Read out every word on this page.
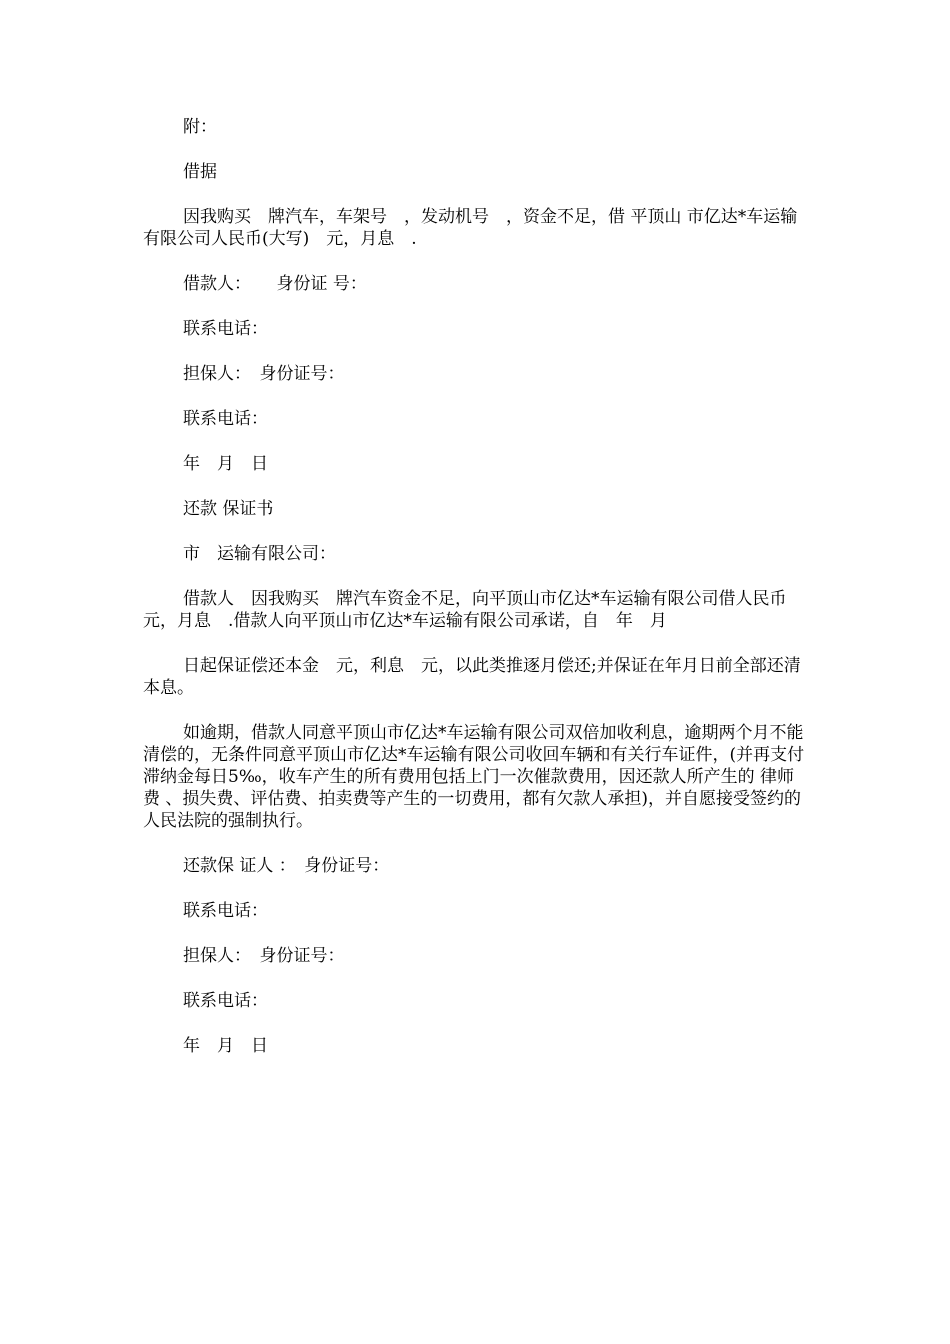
附：

借据

因我购买　牌汽车，车架号　，发动机号　，资金不足，借 平顶山 市亿达*车运输有限公司人民币(大写)　元，月息　.

借款人：　　身份证 号：

联系电话：

担保人：　身份证号：

联系电话：

年　月　日

还款 保证书

市　运输有限公司：

借款人　因我购买　牌汽车资金不足，向平顶山市亿达*车运输有限公司借人民币　元，月息　.借款人向平顶山市亿达*车运输有限公司承诺，自　年　月

日起保证偿还本金　元，利息　元，以此类推逐月偿还;并保证在年月日前全部还清本息。

如逾期，借款人同意平顶山市亿达*车运输有限公司双倍加收利息，逾期两个月不能清偿的，无条件同意平顶山市亿达*车运输有限公司收回车辆和有关行车证件，(并再支付滞纳金每日5‰，收车产生的所有费用包括上门一次催款费用，因还款人所产生的 律师费 、损失费、评估费、拍卖费等产生的一切费用，都有欠款人承担)，并自愿接受签约的　人民法院的强制执行。

还款保 证人 ：　身份证号：

联系电话：

担保人：　身份证号：

联系电话：

年　月　日
